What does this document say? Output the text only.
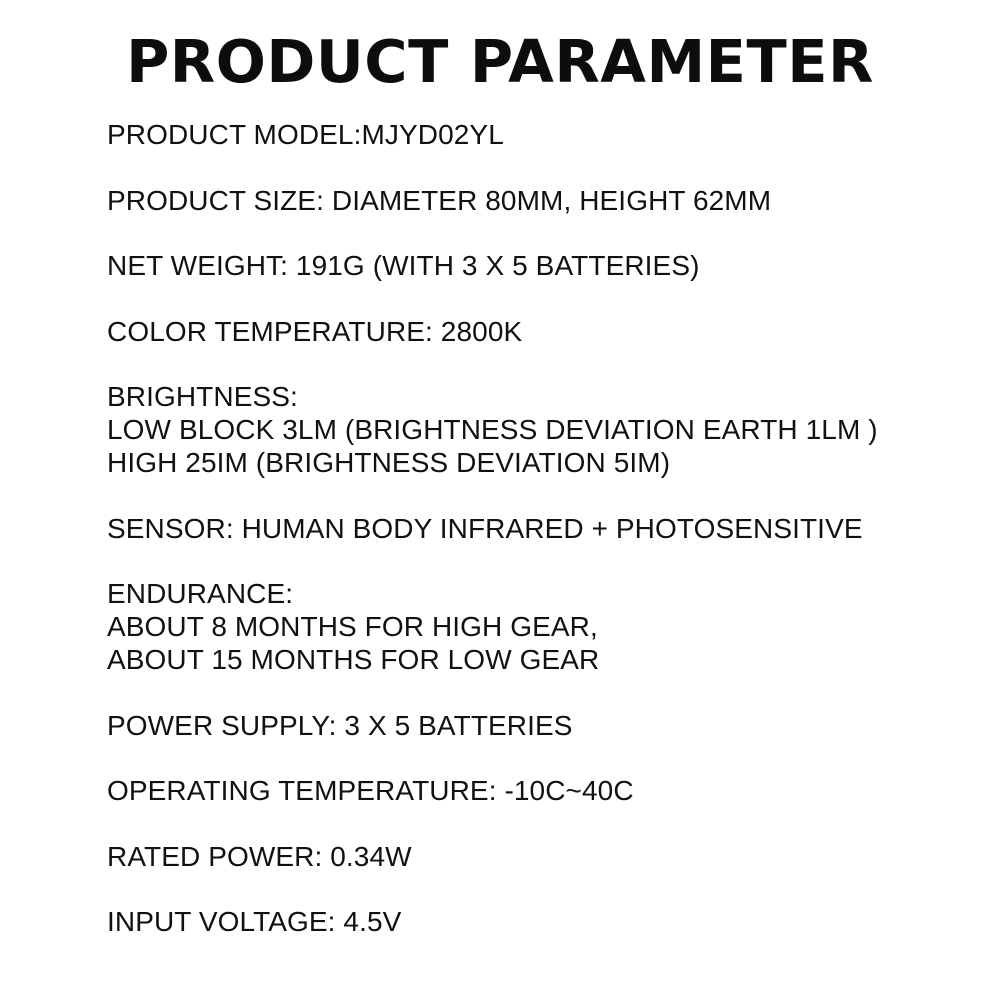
PRODUCT PARAMETER
PRODUCT MODEL:MJYD02YL
PRODUCT SIZE: DIAMETER 80MM, HEIGHT 62MM
NET WEIGHT: 191G (WITH 3 X 5 BATTERIES)
COLOR TEMPERATURE: 2800K
BRIGHTNESS:
LOW BLOCK 3LM (BRIGHTNESS DEVIATION EARTH 1LM )
HIGH 25IM (BRIGHTNESS DEVIATION 5IM)
SENSOR: HUMAN BODY INFRARED + PHOTOSENSITIVE
ENDURANCE:
ABOUT 8 MONTHS FOR HIGH GEAR,
ABOUT 15 MONTHS FOR LOW GEAR
POWER SUPPLY: 3 X 5 BATTERIES
OPERATING TEMPERATURE: -10C~40C
RATED POWER: 0.34W
INPUT VOLTAGE: 4.5V
